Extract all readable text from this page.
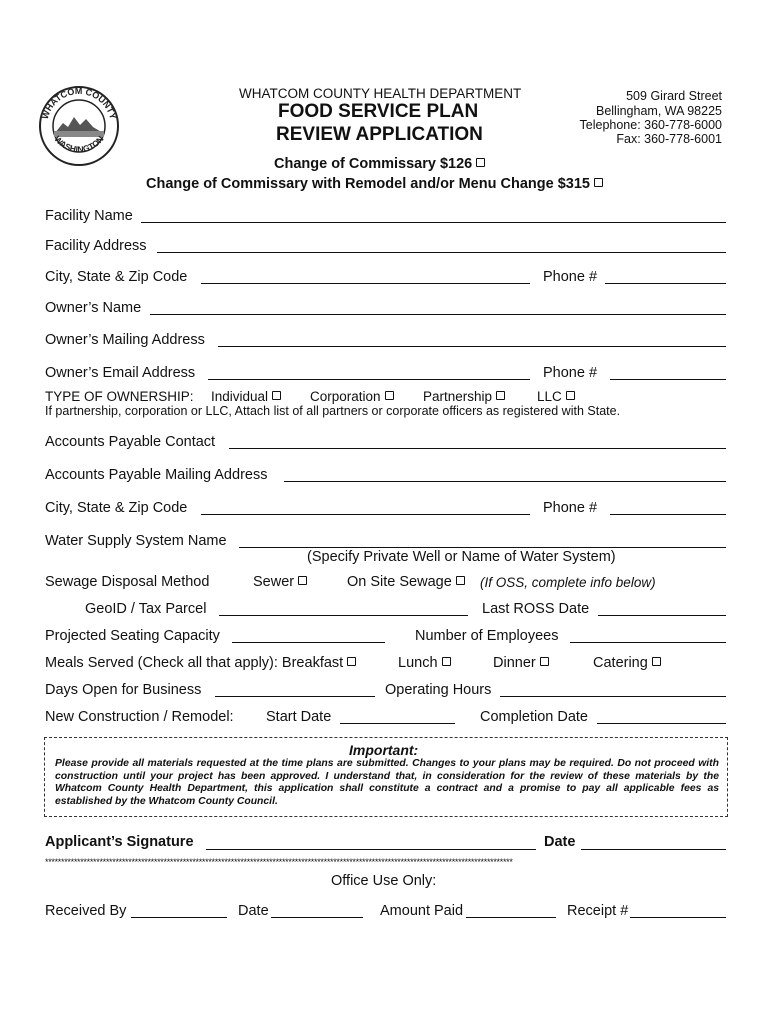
WHATCOM COUNTY
WASHINGTON
WHATCOM COUNTY HEALTH DEPARTMENT
FOOD SERVICE PLAN
REVIEW APPLICATION
509 Girard Street
Bellingham, WA 98225
Telephone: 360-778-6000
Fax: 360-778-6001
Change of Commissary $126
Change of Commissary with Remodel and/or Menu Change $315
Facility Name
Facility Address
City, State & Zip Code	Phone #
Owner’s Name
Owner’s Mailing Address
Owner’s Email Address	Phone #
TYPE OF OWNERSHIP: Individual	Corporation	Partnership	LLC
If partnership, corporation or LLC, Attach list of all partners or corporate officers as registered with State.
Accounts Payable Contact
Accounts Payable Mailing Address
City, State & Zip Code	Phone #
Water Supply System Name
(Specify Private Well or Name of Water System)
Sewage Disposal Method	Sewer	On Site Sewage	(If OSS, complete info below)
GeoID / Tax Parcel	Last ROSS Date
Projected Seating Capacity	Number of Employees
Meals Served (Check all that apply): Breakfast	Lunch	Dinner	Catering
Days Open for Business	Operating Hours
New Construction / Remodel: Start Date	Completion Date
Important:
Please provide all materials requested at the time plans are submitted. Changes to your plans may be required. Do not proceed with construction until your project has been approved. I understand that, in consideration for the review of these materials by the Whatcom County Health Department, this application shall constitute a contract and a promise to pay all applicable fees as established by the Whatcom County Council.
Applicant’s Signature	Date
**************************************************************************************************************************************************
Office Use Only:
Received By	Date	Amount Paid	Receipt #
